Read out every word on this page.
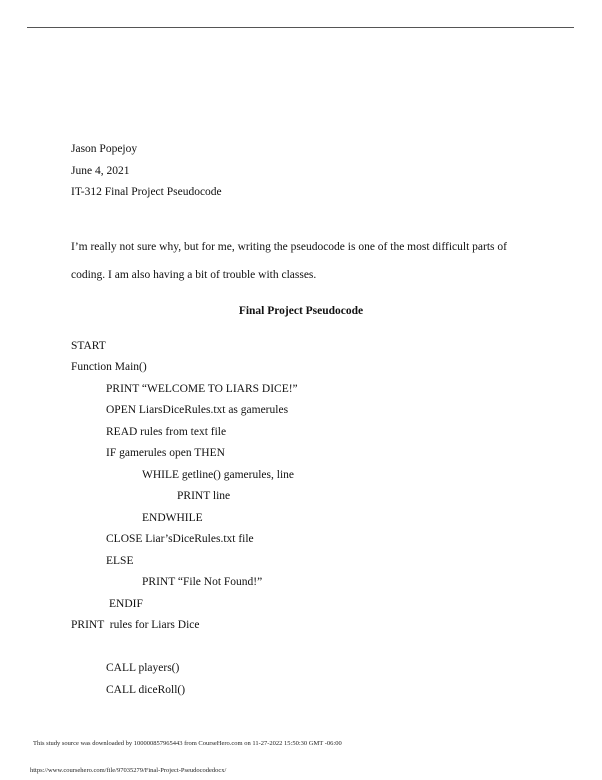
Jason Popejoy
June 4, 2021
IT-312 Final Project Pseudocode
I’m really not sure why, but for me, writing the pseudocode is one of the most difficult parts of
coding. I am also having a bit of trouble with classes.
Final Project Pseudocode
START
Function Main()
PRINT “WELCOME TO LIARS DICE!”
OPEN LiarsDiceRules.txt as gamerules
READ rules from text file
IF gamerules open THEN
WHILE getline() gamerules, line
PRINT line
ENDWHILE
CLOSE Liar’sDiceRules.txt file
ELSE
PRINT “File Not Found!”
ENDIF
PRINT  rules for Liars Dice
CALL players()
CALL diceRoll()
This study source was downloaded by 100000857965443 from CourseHero.com on 11-27-2022 15:50:30 GMT -06:00
https://www.coursehero.com/file/97035279/Final-Project-Pseudocodedocx/
